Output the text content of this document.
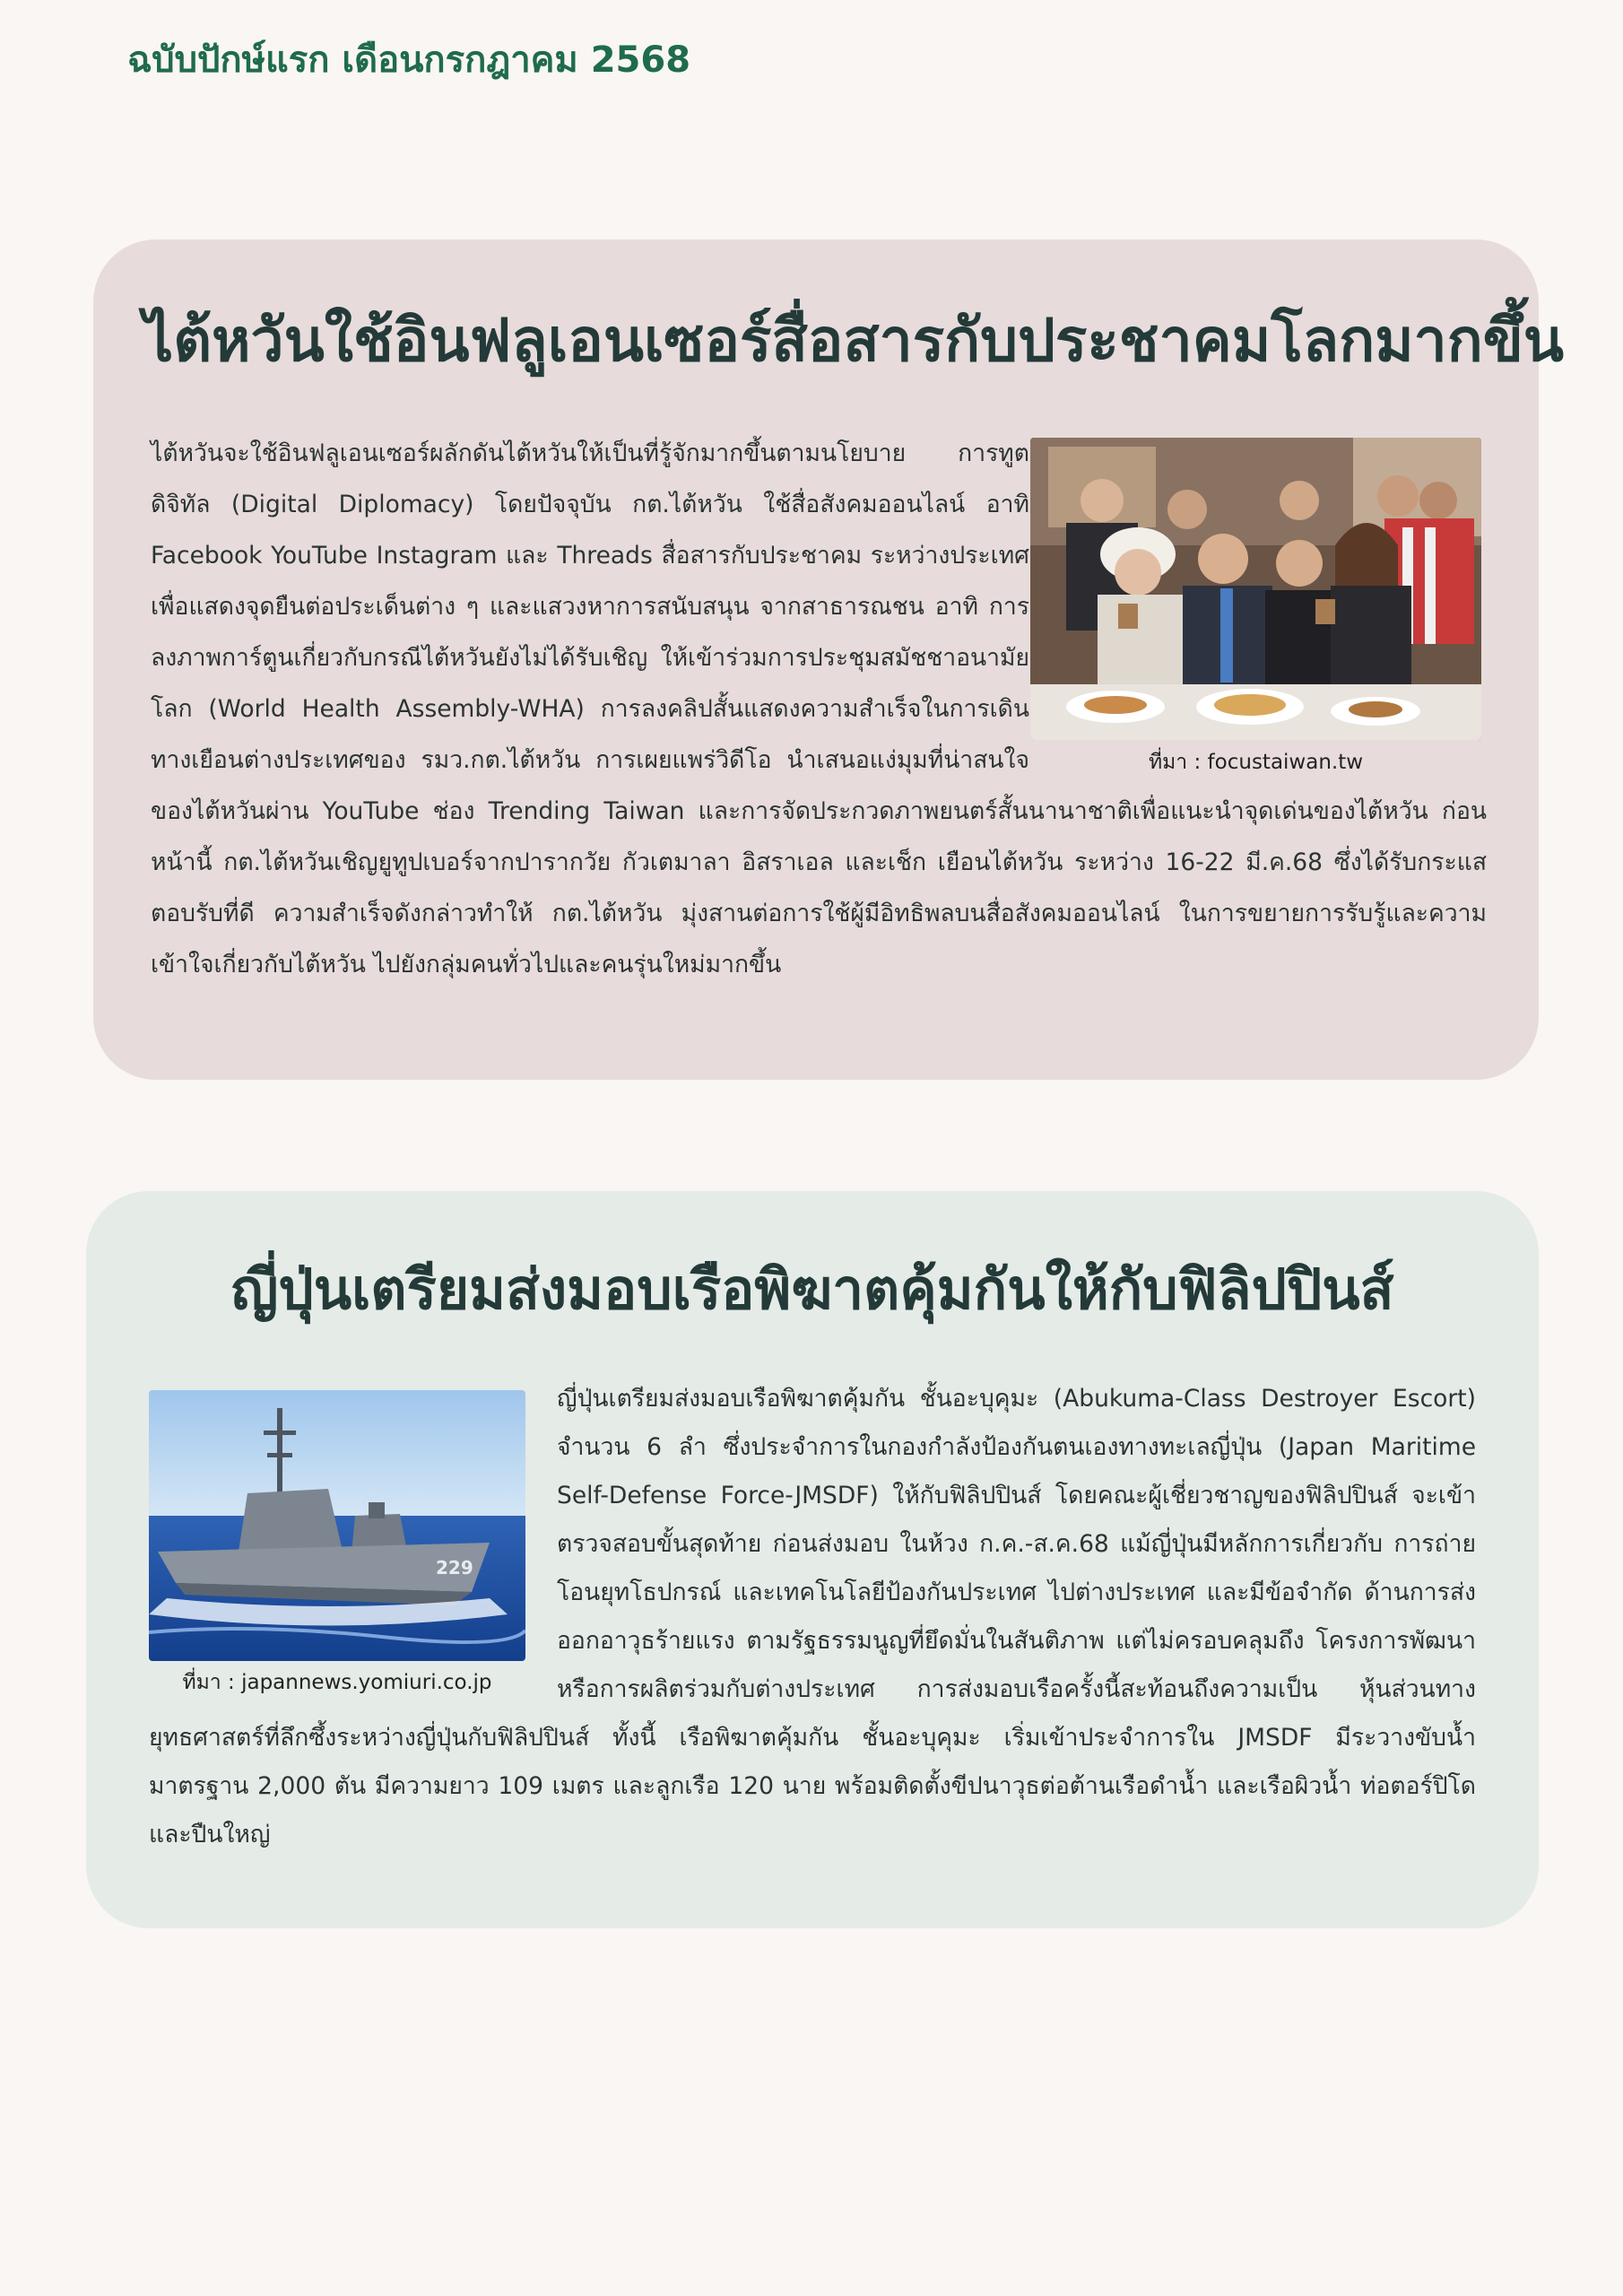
ฉบับปักษ์แรก เดือนกรกฎาคม 2568
ไต้หวันใช้อินฟลูเอนเซอร์สื่อสารกับประชาคมโลกมากขึ้น
ที่มา : focustaiwan.tw

ไต้หวันจะใช้อินฟลูเอนเซอร์ผลักดันไต้หวันให้เป็นที่รู้จักมากขึ้นตามนโยบาย การทูตดิจิทัล (Digital Diplomacy) โดยปัจจุบัน กต.ไต้หวัน ใช้สื่อสังคมออนไลน์ อาทิ Facebook YouTube Instagram และ Threads สื่อสารกับประชาคม ระหว่างประเทศ เพื่อแสดงจุดยืนต่อประเด็นต่าง ๆ และแสวงหาการสนับสนุน จากสาธารณชน อาทิ การลงภาพการ์ตูนเกี่ยวกับกรณีไต้หวันยังไม่ได้รับเชิญ ให้เข้าร่วมการประชุมสมัชชาอนามัยโลก (World Health Assembly-WHA) การลงคลิปสั้นแสดงความสำเร็จในการเดินทางเยือนต่างประเทศของ รมว.กต.ไต้หวัน การเผยแพร่วิดีโอ นำเสนอแง่มุมที่น่าสนใจของไต้หวันผ่าน YouTube ช่อง Trending Taiwan และการจัดประกวดภาพยนตร์สั้นนานาชาติเพื่อแนะนำจุดเด่นของไต้หวัน ก่อนหน้านี้ กต.ไต้หวันเชิญยูทูปเบอร์จากปารากวัย กัวเตมาลา อิสราเอล และเช็ก เยือนไต้หวัน ระหว่าง 16-22 มี.ค.68 ซึ่งได้รับกระแสตอบรับที่ดี ความสำเร็จดังกล่าวทำให้ กต.ไต้หวัน มุ่งสานต่อการใช้ผู้มีอิทธิพลบนสื่อสังคมออนไลน์ ในการขยายการรับรู้และความเข้าใจเกี่ยวกับไต้หวัน ไปยังกลุ่มคนทั่วไปและคนรุ่นใหม่มากขึ้น

ญี่ปุ่นเตรียมส่งมอบเรือพิฆาตคุ้มกันให้กับฟิลิปปินส์
229
ที่มา : japannews.yomiuri.co.jp

ญี่ปุ่นเตรียมส่งมอบเรือพิฆาตคุ้มกัน ชั้นอะบุคุมะ (Abukuma-Class Destroyer Escort) จำนวน 6 ลำ ซึ่งประจำการในกองกำลังป้องกันตนเองทางทะเลญี่ปุ่น (Japan Maritime Self-Defense Force-JMSDF) ให้กับฟิลิปปินส์ โดยคณะผู้เชี่ยวชาญของฟิลิปปินส์ จะเข้าตรวจสอบขั้นสุดท้าย ก่อนส่งมอบ ในห้วง ก.ค.-ส.ค.68 แม้ญี่ปุ่นมีหลักการเกี่ยวกับ การถ่ายโอนยุทโธปกรณ์ และเทคโนโลยีป้องกันประเทศ ไปต่างประเทศ และมีข้อจำกัด ด้านการส่งออกอาวุธร้ายแรง ตามรัฐธรรมนูญที่ยึดมั่นในสันติภาพ แต่ไม่ครอบคลุมถึง โครงการพัฒนาหรือการผลิตร่วมกับต่างประเทศ การส่งมอบเรือครั้งนี้สะท้อนถึงความเป็น หุ้นส่วนทางยุทธศาสตร์ที่ลึกซึ้งระหว่างญี่ปุ่นกับฟิลิปปินส์ ทั้งนี้ เรือพิฆาตคุ้มกัน ชั้นอะบุคุมะ เริ่มเข้าประจำการใน JMSDF มีระวางขับน้ำมาตรฐาน 2,000 ตัน มีความยาว 109 เมตร และลูกเรือ 120 นาย พร้อมติดตั้งขีปนาวุธต่อต้านเรือดำน้ำ และเรือผิวน้ำ ท่อตอร์ปิโด และปืนใหญ่
